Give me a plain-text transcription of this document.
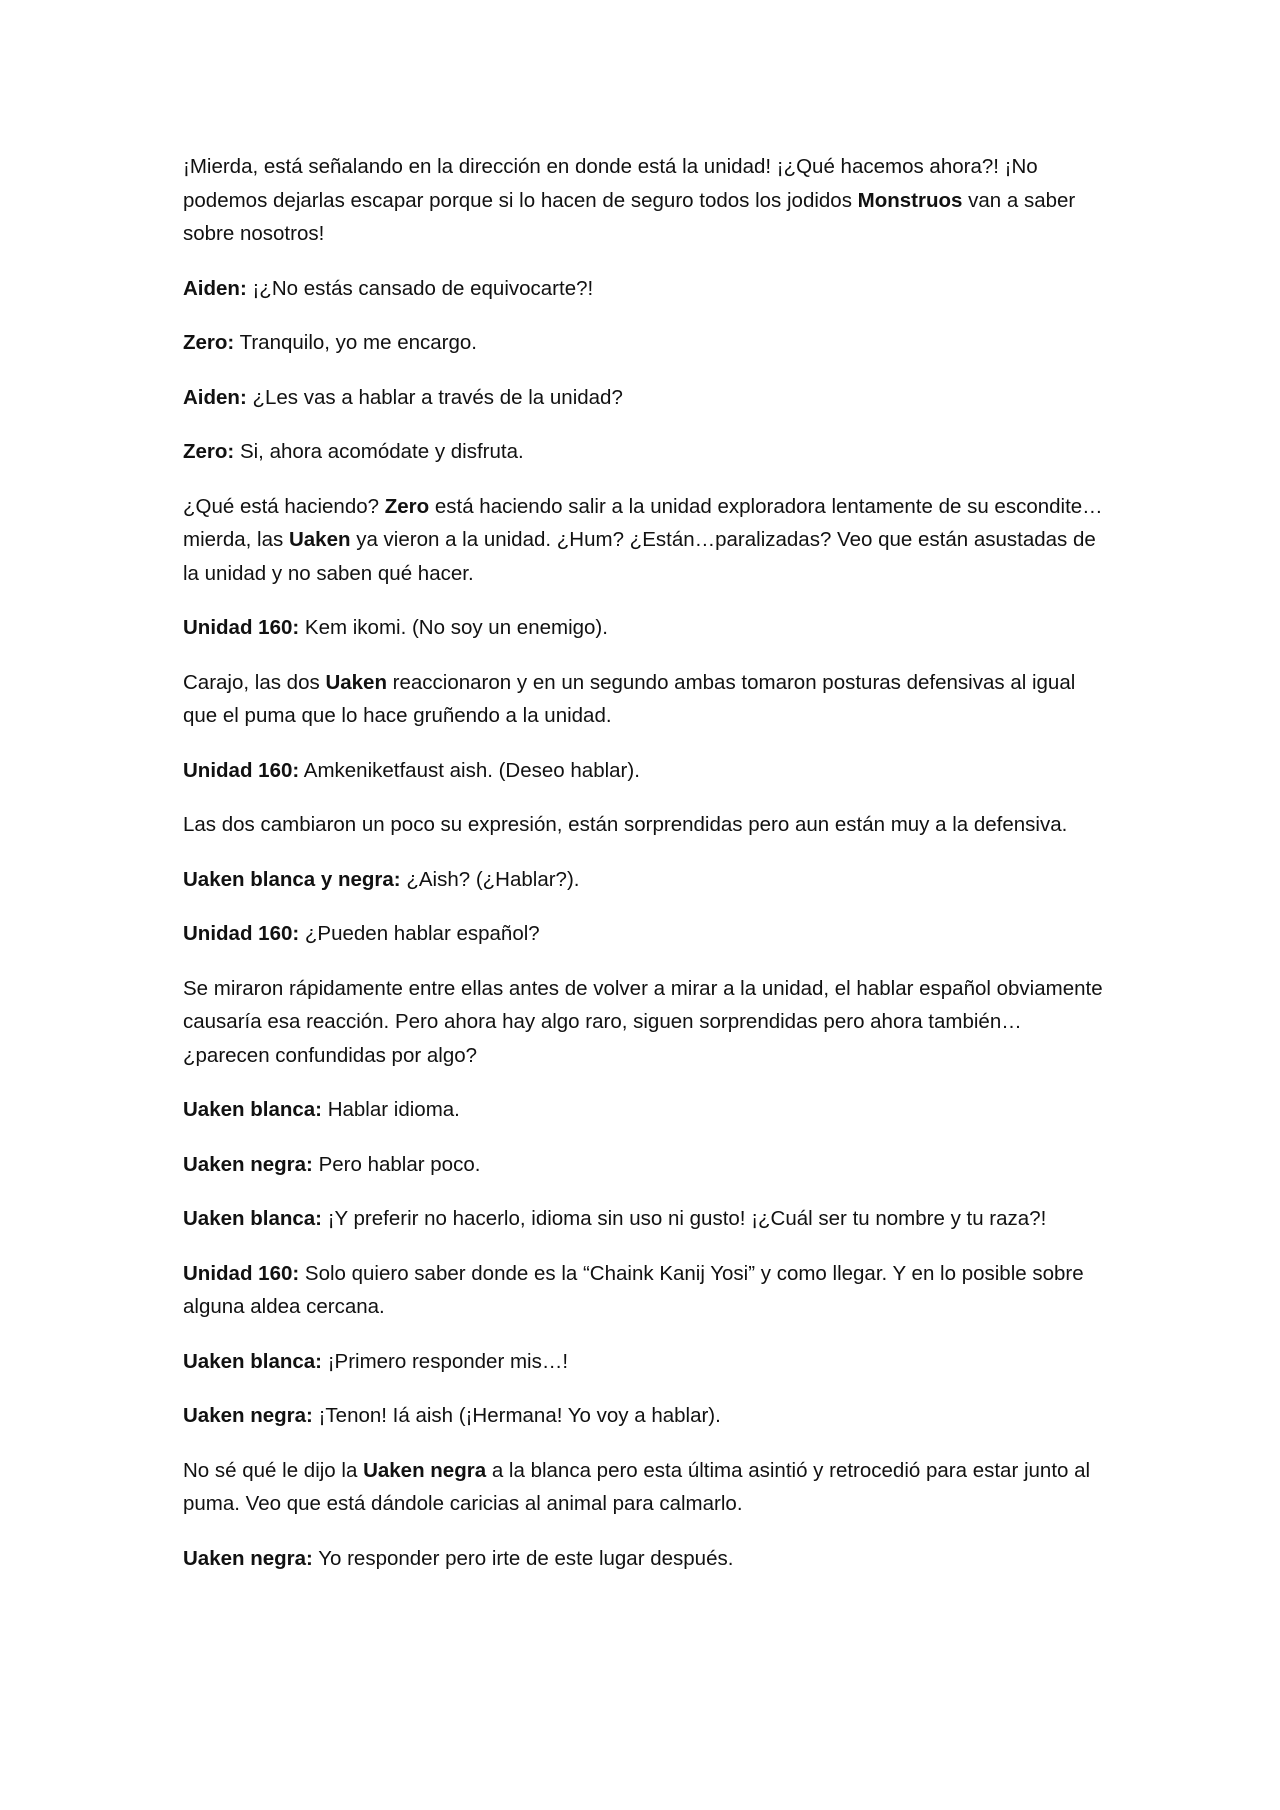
¡Mierda, está señalando en la dirección en donde está la unidad! ¡¿Qué hacemos ahora?! ¡No podemos dejarlas escapar porque si lo hacen de seguro todos los jodidos Monstruos van a saber sobre nosotros!

Aiden: ¡¿No estás cansado de equivocarte?!

Zero: Tranquilo, yo me encargo.

Aiden: ¿Les vas a hablar a través de la unidad?

Zero: Si, ahora acomódate y disfruta.

¿Qué está haciendo? Zero está haciendo salir a la unidad exploradora lentamente de su escondite…mierda, las Uaken ya vieron a la unidad. ¿Hum? ¿Están…paralizadas? Veo que están asustadas de la unidad y no saben qué hacer.

Unidad 160: Kem ikomi. (No soy un enemigo).

Carajo, las dos Uaken reaccionaron y en un segundo ambas tomaron posturas defensivas al igual que el puma que lo hace gruñendo a la unidad.

Unidad 160: Amkeniketfaust aish. (Deseo hablar).

Las dos cambiaron un poco su expresión, están sorprendidas pero aun están muy a la defensiva.

Uaken blanca y negra: ¿Aish? (¿Hablar?).

Unidad 160: ¿Pueden hablar español?

Se miraron rápidamente entre ellas antes de volver a mirar a la unidad, el hablar español obviamente causaría esa reacción. Pero ahora hay algo raro, siguen sorprendidas pero ahora también… ¿parecen confundidas por algo?

Uaken blanca: Hablar idioma.

Uaken negra: Pero hablar poco.

Uaken blanca: ¡Y preferir no hacerlo, idioma sin uso ni gusto! ¡¿Cuál ser tu nombre y tu raza?!

Unidad 160: Solo quiero saber donde es la “Chaink Kanij Yosi” y como llegar. Y en lo posible sobre alguna aldea cercana.

Uaken blanca: ¡Primero responder mis…!

Uaken negra: ¡Tenon! Iá aish (¡Hermana! Yo voy a hablar).

No sé qué le dijo la Uaken negra a la blanca pero esta última asintió y retrocedió para estar junto al puma. Veo que está dándole caricias al animal para calmarlo.

Uaken negra: Yo responder pero irte de este lugar después.
